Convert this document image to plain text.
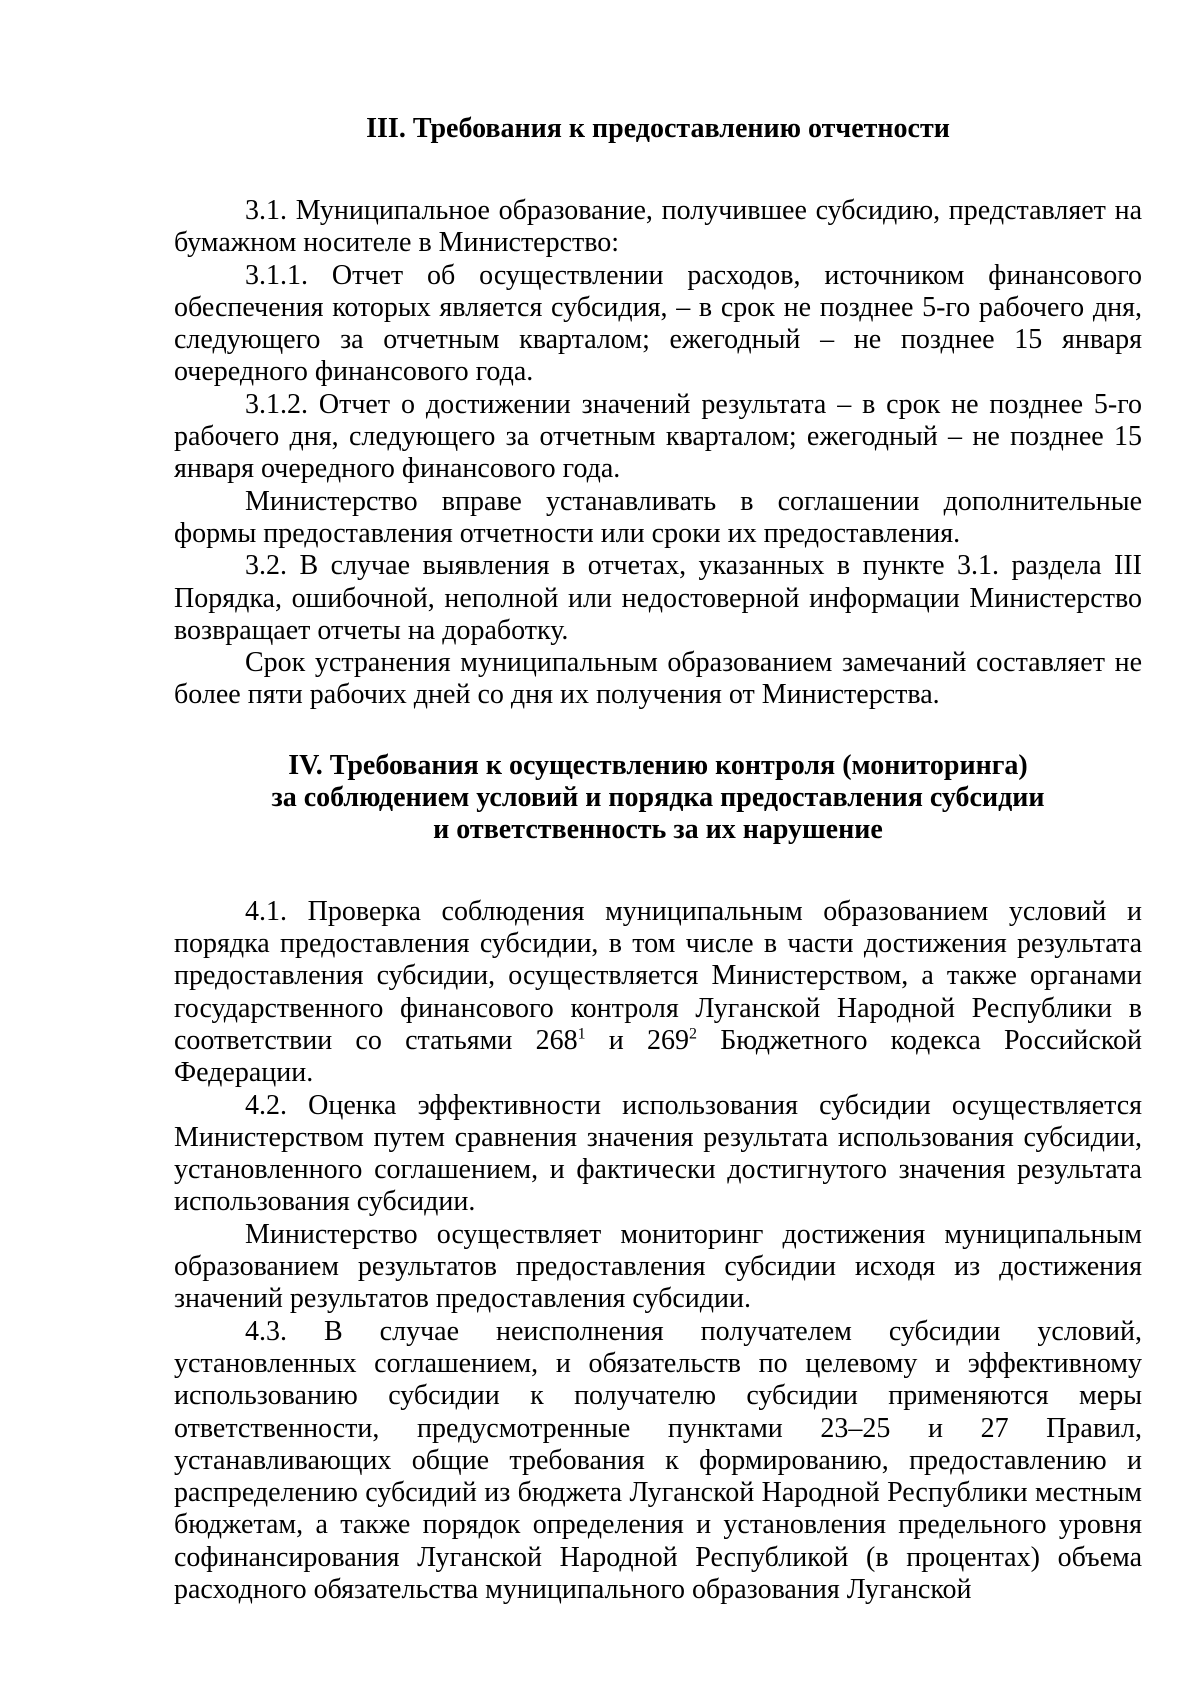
III. Требования к предоставлению отчетности

3.1. Муниципальное образование, получившее субсидию, представляет на бумажном носителе в Министерство:

3.1.1. Отчет об осуществлении расходов, источником финансового обеспечения которых является субсидия, – в срок не позднее 5-го рабочего дня, следующего за отчетным кварталом; ежегодный – не позднее 15 января очередного финансового года.

3.1.2. Отчет о достижении значений результата – в срок не позднее 5-го рабочего дня, следующего за отчетным кварталом; ежегодный – не позднее 15 января очередного финансового года.

Министерство вправе устанавливать в соглашении дополнительные формы предоставления отчетности или сроки их предоставления.

3.2. В случае выявления в отчетах, указанных в пункте 3.1. раздела III Порядка, ошибочной, неполной или недостоверной информации Министерство возвращает отчеты на доработку.

Срок устранения муниципальным образованием замечаний составляет не более пяти рабочих дней со дня их получения от Министерства.

IV. Требования к осуществлению контроля (мониторинга)
за соблюдением условий и порядка предоставления субсидии
и ответственность за их нарушение

4.1. Проверка соблюдения муниципальным образованием условий и порядка предоставления субсидии, в том числе в части достижения результата предоставления субсидии, осуществляется Министерством, а также органами государственного финансового контроля Луганской Народной Республики в соответствии со статьями $268^1$ и $269^2$ Бюджетного кодекса Российской Федерации.

4.2. Оценка эффективности использования субсидии осуществляется Министерством путем сравнения значения результата использования субсидии, установленного соглашением, и фактически достигнутого значения результата использования субсидии.

Министерство осуществляет мониторинг достижения муниципальным образованием результатов предоставления субсидии исходя из достижения значений результатов предоставления субсидии.

4.3. В случае неисполнения получателем субсидии условий, установленных соглашением, и обязательств по целевому и эффективному использованию субсидии к получателю субсидии применяются меры ответственности, предусмотренные пунктами 23–25 и 27 Правил, устанавливающих общие требования к формированию, предоставлению и распределению субсидий из бюджета Луганской Народной Республики местным бюджетам, а также порядок определения и установления предельного уровня софинансирования Луганской Народной Республикой (в процентах) объема расходного обязательства муниципального образования Луганской
